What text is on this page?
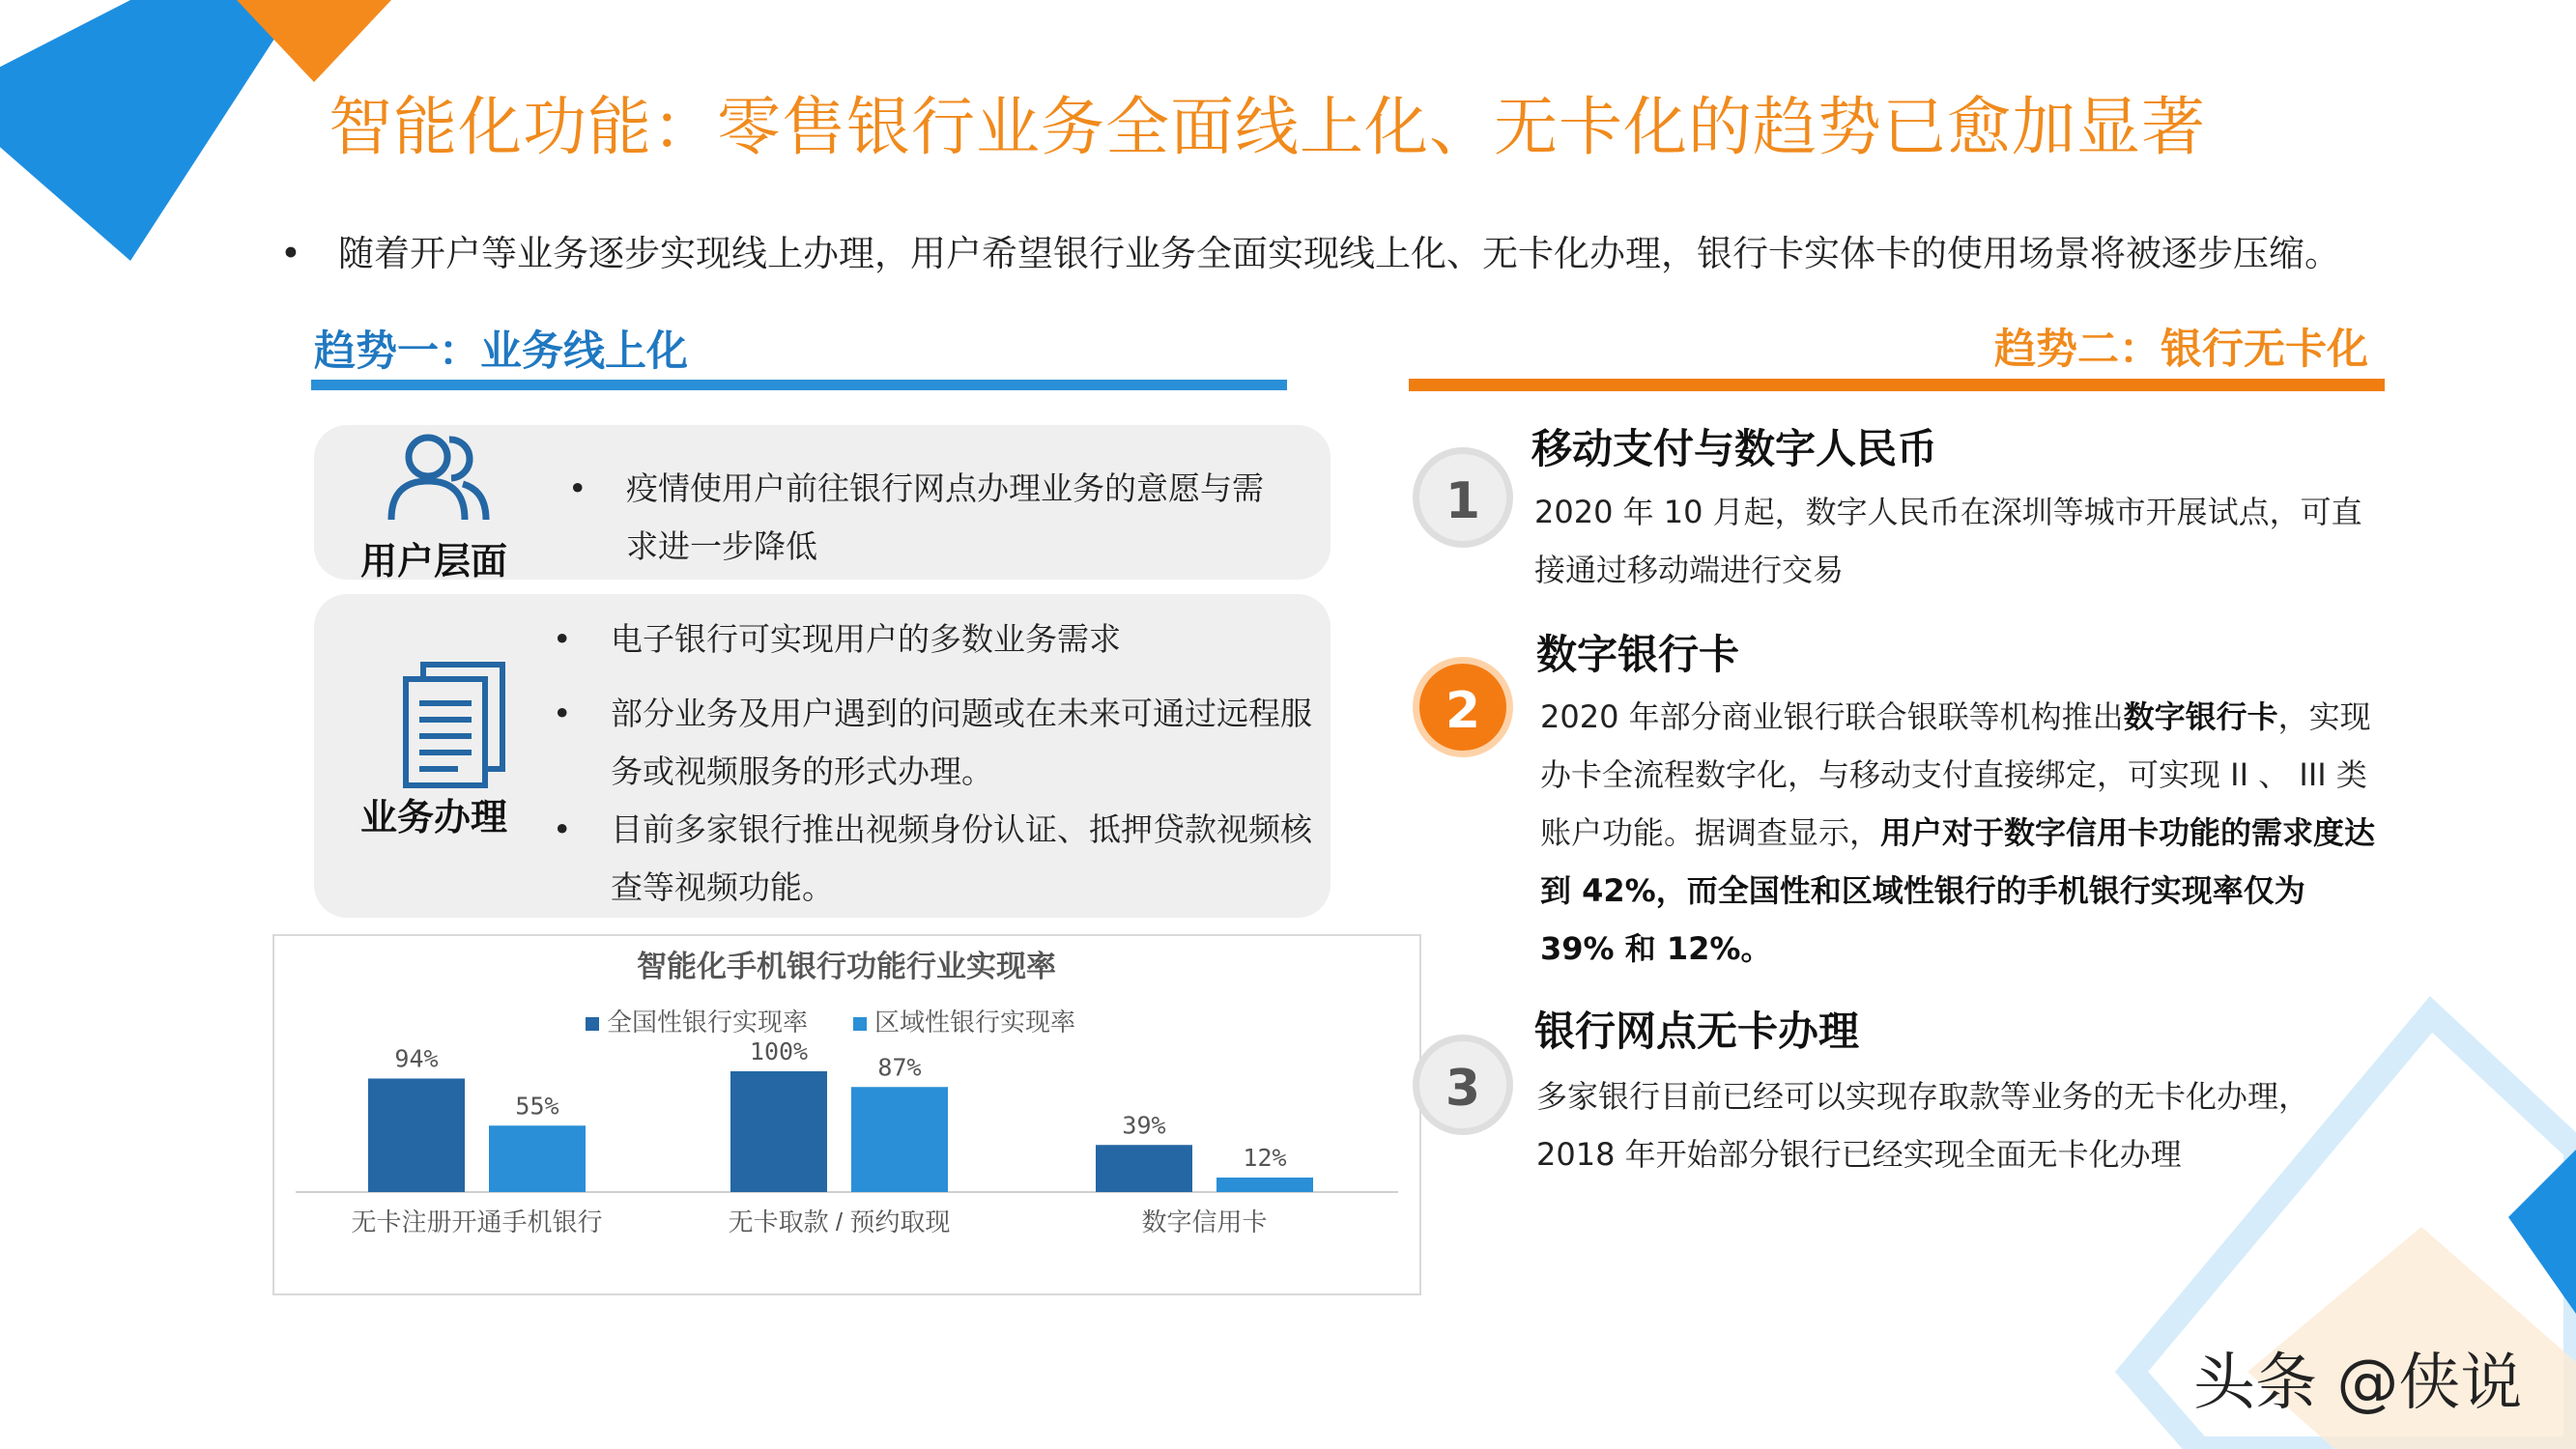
智能化功能：零售银行业务全面线上化、无卡化的趋势已愈加显著
• 随着开户等业务逐步实现线上办理，用户希望银行业务全面实现线上化、无卡化办理，银行卡实体卡的使用场景将被逐步压缩。
趋势一：业务线上化
用户层面
• 疫情使用户前往银行网点办理业务的意愿与需求进一步降低
业务办理
• 电子银行可实现用户的多数业务需求
• 部分业务及用户遇到的问题或在未来可通过远程服务或视频服务的形式办理。
• 目前多家银行推出视频身份认证、抵押贷款视频核查等视频功能。
智能化手机银行功能行业实现率
全国性银行实现率	区域性银行实现率
94%
55%
无卡注册开通手机银行
100%
87%
无卡取款 / 预约取现
39%
12%
数字信用卡
趋势二：银行无卡化
1
移动支付与数字人民币
2020 年 10 月起，数字人民币在深圳等城市开展试点，可直接通过移动端进行交易
2
数字银行卡
2020 年部分商业银行联合银联等机构推出数字银行卡，实现办卡全流程数字化，与移动支付直接绑定，可实现 II 、 III 类账户功能。据调查显示，用户对于数字信用卡功能的需求度达到 42%，而全国性和区域性银行的手机银行实现率仅为 39% 和 12%。
3
银行网点无卡办理
多家银行目前已经可以实现存取款等业务的无卡化办理， 2018 年开始部分银行已经实现全面无卡化办理
头条 @侠说
